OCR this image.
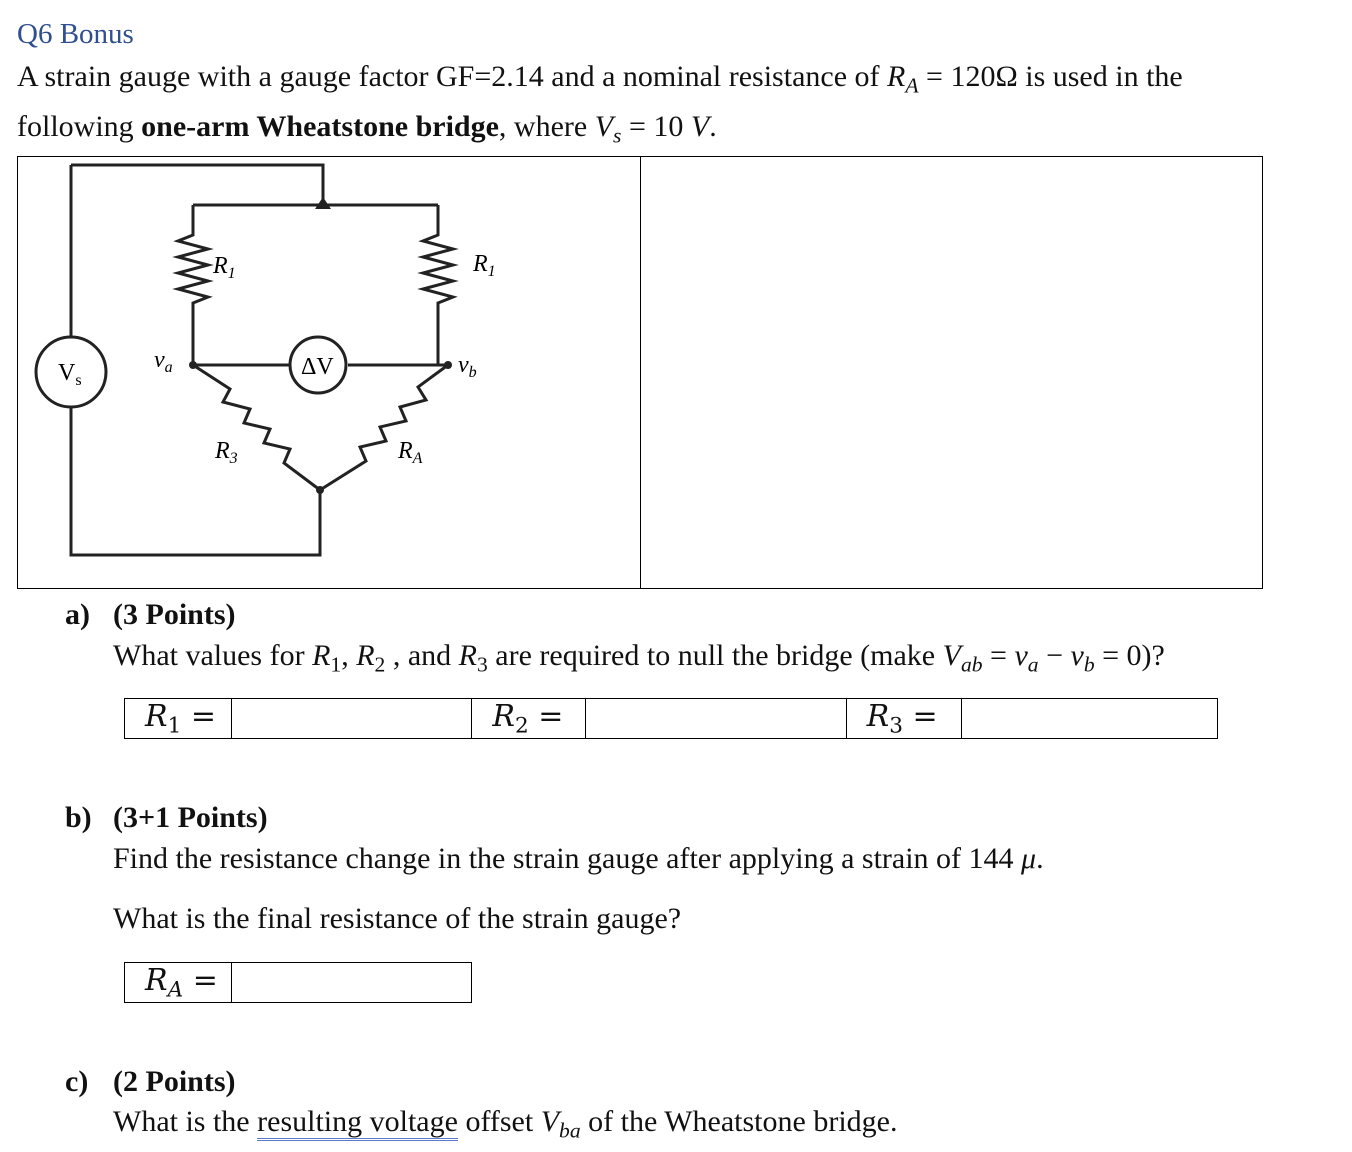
Q6 Bonus
A strain gauge with a gauge factor GF=2.14 and a nominal resistance of $R_A = 120\Omega$ is used in the
following one-arm Wheatstone bridge, where $V_s = 10$ V.
$V_s$
ΔV
$R_1$	$R_1$
$v_a$	$v_b$
$R_3$	$R_A$
a) (3 Points)
What values for $R_1$, $R_2$ , and $R_3$ are required to null the bridge (make $V_{ab} = v_a - v_b = 0$)?
$R_1$ =		$R_2$ =		$R_3$ =	
b) (3+1 Points)
Find the resistance change in the strain gauge after applying a strain of 144 μ.
What is the final resistance of the strain gauge?
$R_A$ =	
c) (2 Points)
What is the resulting voltage offset $V_{ba}$ of the Wheatstone bridge.
